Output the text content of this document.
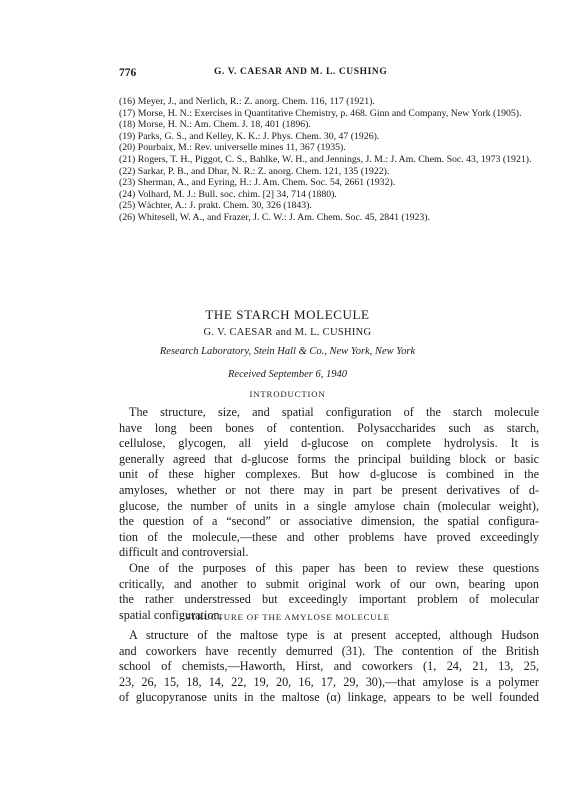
776	G. V. CAESAR AND M. L. CUSHING
(16) Meyer, J., and Nerlich, R.: Z. anorg. Chem. 116, 117 (1921).
(17) Morse, H. N.: Exercises in Quantitative Chemistry, p. 468. Ginn and Company, New York (1905).
(18) Morse, H. N.: Am. Chem. J. 18, 401 (1896).
(19) Parks, G. S., and Kelley, K. K.: J. Phys. Chem. 30, 47 (1926).
(20) Pourbaix, M.: Rev. universelle mines 11, 367 (1935).
(21) Rogers, T. H., Piggot, C. S., Bahlke, W. H., and Jennings, J. M.: J. Am. Chem. Soc. 43, 1973 (1921).
(22) Sarkar, P. B., and Dhar, N. R.: Z. anorg. Chem. 121, 135 (1922).
(23) Sherman, A., and Eyring, H.: J. Am. Chem. Soc. 54, 2661 (1932).
(24) Volhard, M. J.: Bull. soc. chim. [2] 34, 714 (1880).
(25) Wächter, A.: J. prakt. Chem. 30, 326 (1843).
(26) Whitesell, W. A., and Frazer, J. C. W.: J. Am. Chem. Soc. 45, 2841 (1923).
THE STARCH MOLECULE
G. V. CAESAR and M. L. CUSHING
Research Laboratory, Stein Hall & Co., New York, New York
Received September 6, 1940
INTRODUCTION
The structure, size, and spatial configuration of the starch molecule
have long been bones of contention. Polysaccharides such as starch,
cellulose, glycogen, all yield d-glucose on complete hydrolysis. It is
generally agreed that d-glucose forms the principal building block or basic
unit of these higher complexes. But how d-glucose is combined in the
amyloses, whether or not there may in part be present derivatives of d-
glucose, the number of units in a single amylose chain (molecular weight),
the question of a “second” or associative dimension, the spatial configura-
tion of the molecule,—these and other problems have proved exceedingly
difficult and controversial.
One of the purposes of this paper has been to review these questions
critically, and another to submit original work of our own, bearing upon
the rather understressed but exceedingly important problem of molecular
spatial configuration.
STRUCTURE OF THE AMYLOSE MOLECULE
A structure of the maltose type is at present accepted, although Hudson
and coworkers have recently demurred (31). The contention of the British
school of chemists,—Haworth, Hirst, and coworkers (1, 24, 21, 13, 25,
23, 26, 15, 18, 14, 22, 19, 20, 16, 17, 29, 30),—that amylose is a polymer
of glucopyranose units in the maltose (α) linkage, appears to be well founded
